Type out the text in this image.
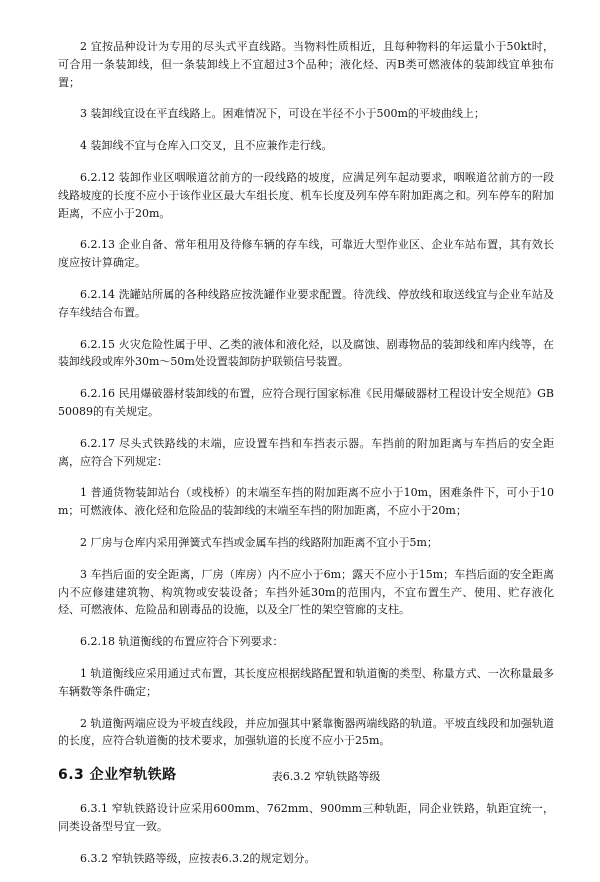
2 宜按品种设计为专用的尽头式平直线路。当物料性质相近，且每种物料的年运量小于50kt时，可合用一条装卸线，但一条装卸线上不宜超过3个品种；液化烃、丙B类可燃液体的装卸线宜单独布置；

3 装卸线宜设在平直线路上。困难情况下，可设在半径不小于500m的平坡曲线上；

4 装卸线不宜与仓库入口交叉，且不应兼作走行线。

6.2.12 装卸作业区咽喉道岔前方的一段线路的坡度，应满足列车起动要求，咽喉道岔前方的一段线路坡度的长度不应小于该作业区最大车组长度、机车长度及列车停车附加距离之和。列车停车的附加距离，不应小于20m。

6.2.13 企业自备、常年租用及待修车辆的存车线，可靠近大型作业区、企业车站布置，其有效长度应按计算确定。

6.2.14 洗罐站所属的各种线路应按洗罐作业要求配置。待洗线、停放线和取送线宜与企业车站及存车线结合布置。

6.2.15 火灾危险性属于甲、乙类的液体和液化烃，以及腐蚀、剧毒物品的装卸线和库内线等，在装卸线段或库外30m～50m处设置装卸防护联锁信号装置。

6.2.16 民用爆破器材装卸线的布置，应符合现行国家标准《民用爆破器材工程设计安全规范》GB 50089的有关规定。

6.2.17 尽头式铁路线的末端，应设置车挡和车挡表示器。车挡前的附加距离与车挡后的安全距离，应符合下列规定：

1 普通货物装卸站台（或栈桥）的末端至车挡的附加距离不应小于10m，困难条件下，可小于10m；可燃液体、液化烃和危险品的装卸线的末端至车挡的附加距离，不应小于20m；

2 厂房与仓库内采用弹簧式车挡或金属车挡的线路附加距离不宜小于5m；

3 车挡后面的安全距离，厂房（库房）内不应小于6m；露天不应小于15m；车挡后面的安全距离内不应修建建筑物、构筑物或安装设备；车挡外延30m的范围内，不宜布置生产、使用、贮存液化烃、可燃液体、危险品和剧毒品的设施，以及全厂性的架空管廊的支柱。

6.2.18 轨道衡线的布置应符合下列要求：

1 轨道衡线应采用通过式布置，其长度应根据线路配置和轨道衡的类型、称量方式、一次称量最多车辆数等条件确定；

2 轨道衡两端应设为平坡直线段，并应加强其中紧靠衡器两端线路的轨道。平坡直线段和加强轨道的长度，应符合轨道衡的技术要求，加强轨道的长度不应小于25m。

6.3 企业窄轨铁路

6.3.1 窄轨铁路设计应采用600mm、762mm、900mm三种轨距，同企业铁路，轨距宜统一，同类设备型号宜一致。

6.3.2 窄轨铁路等级，应按表6.3.2的规定划分。

表6.3.2 窄轨铁路等级
